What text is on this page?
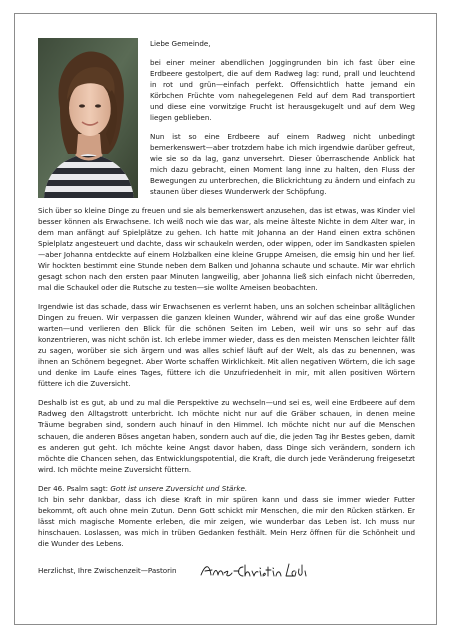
Liebe Gemeinde,

bei einer meiner abendlichen Joggingrunden bin ich fast über eine Erdbeere gestolpert, die auf dem Radweg lag: rund, prall und leuchtend in rot und grün—einfach perfekt. Offensichtlich hatte jemand ein Körbchen Früchte vom nahegelegenen Feld auf dem Rad transportiert und diese eine vorwitzige Frucht ist herausgekugelt und auf dem Weg liegen geblieben.

Nun ist so eine Erdbeere auf einem Radweg nicht unbedingt bemerkenswert—aber trotzdem habe ich mich irgendwie darüber gefreut, wie sie so da lag, ganz unversehrt. Dieser überraschende Anblick hat mich dazu gebracht, einen Moment lang inne zu halten, den Fluss der Bewegungen zu unterbrechen, die Blickrichtung zu ändern und einfach zu staunen über dieses Wunderwerk der Schöpfung.

Sich über so kleine Dinge zu freuen und sie als bemerkenswert anzusehen, das ist etwas, was Kinder viel besser können als Erwachsene. Ich weiß noch wie das war, als meine älteste Nichte in dem Alter war, in dem man anfängt auf Spielplätze zu gehen. Ich hatte mit Johanna an der Hand einen extra schönen Spielplatz angesteuert und dachte, dass wir schaukeln werden, oder wippen, oder im Sandkasten spielen—aber Johanna entdeckte auf einem Holzbalken eine kleine Gruppe Ameisen, die emsig hin und her lief. Wir hockten bestimmt eine Stunde neben dem Balken und Johanna schaute und schaute. Mir war ehrlich gesagt schon nach den ersten paar Minuten langweilig, aber Johanna ließ sich einfach nicht überreden, mal die Schaukel oder die Rutsche zu testen—sie wollte Ameisen beobachten.

Irgendwie ist das schade, dass wir Erwachsenen es verlernt haben, uns an solchen scheinbar alltäglichen Dingen zu freuen. Wir verpassen die ganzen kleinen Wunder, während wir auf das eine große Wunder warten—und verlieren den Blick für die schönen Seiten im Leben, weil wir uns so sehr auf das konzentrieren, was nicht schön ist. Ich erlebe immer wieder, dass es den meisten Menschen leichter fällt zu sagen, worüber sie sich ärgern und was alles schief läuft auf der Welt, als das zu benennen, was ihnen an Schönem begegnet. Aber Worte schaffen Wirklichkeit. Mit allen negativen Wörtern, die ich sage und denke im Laufe eines Tages, füttere ich die Unzufriedenheit in mir, mit allen positiven Wörtern füttere ich die Zuversicht.

Deshalb ist es gut, ab und zu mal die Perspektive zu wechseln—und sei es, weil eine Erdbeere auf dem Radweg den Alltagstrott unterbricht. Ich möchte nicht nur auf die Gräber schauen, in denen meine Träume begraben sind, sondern auch hinauf in den Himmel. Ich möchte nicht nur auf die Menschen schauen, die anderen Böses angetan haben, sondern auch auf die, die jeden Tag ihr Bestes geben, damit es anderen gut geht. Ich möchte keine Angst davor haben, dass Dinge sich verändern, sondern ich möchte die Chancen sehen, das Entwicklungspotential, die Kraft, die durch jede Veränderung freigesetzt wird. Ich möchte meine Zuversicht füttern.

Der 46. Psalm sagt: Gott ist unsere Zuversicht und Stärke.

Ich bin sehr dankbar, dass ich diese Kraft in mir spüren kann und dass sie immer wieder Futter bekommt, oft auch ohne mein Zutun. Denn Gott schickt mir Menschen, die mir den Rücken stärken. Er lässt mich magische Momente erleben, die mir zeigen, wie wunderbar das Leben ist. Ich muss nur hinschauen. Loslassen, was mich in trüben Gedanken festhält. Mein Herz öffnen für die Schönheit und die Wunder des Lebens.

Herzlichst, Ihre Zwischenzeit—Pastorin
